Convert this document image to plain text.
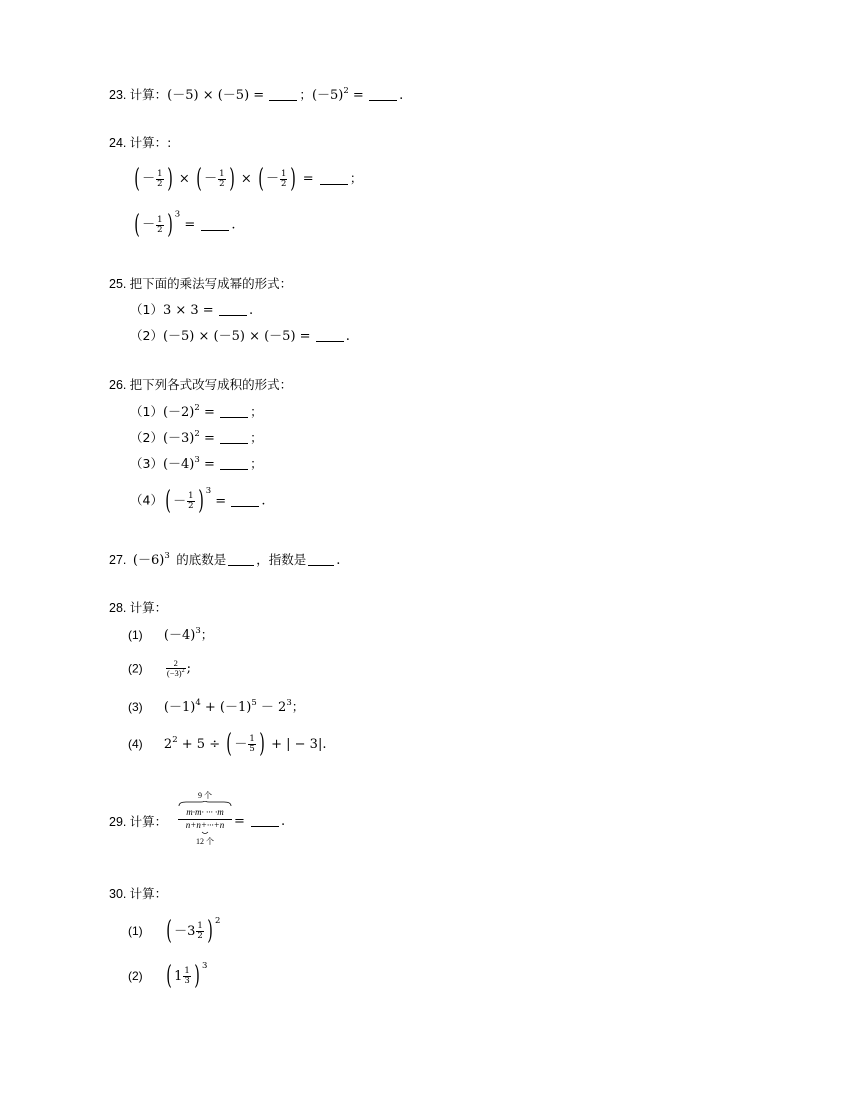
23. 计算：(－5) × (－5) =	；$(-5)^2$ =	.
24. 计算：:
( － $\frac{1}{2}$ ) × ( － $\frac{1}{2}$ ) × ( － $\frac{1}{2}$ ) =	；
( － $\frac{1}{2}$ ) $^3$ =	.
25. 把下面的乘法写成幂的形式：
（1）3 × 3 =	.
（2）(－5) × (－5) × (－5) =	.
26. 把下列各式改写成积的形式：
$(1)(-2)^2$ =	；
$(2)(-3)^2$ =	；
$(3)(-4)^3$ =	；
$(4)( - \frac{1}{2}$ ) $^3$ =	.
27. $(-6)^3$ 的底数是 ，指数是 .
28. 计算：
(1) $(-4)^3$；
(2)	$\frac{2}{(-3)^2}$ ;
(3) $(-1)^4 + (-1)^5 - 2^3$；
(4) $2^2 + 5$ ÷ ( － $\frac{1}{5}$ ) + | − 3|.
29. 计算：
9 个
m·m· ··· ·m
n+n+···+n
12 个
=	.
30. 计算：
(1) ( $-3 \frac{1}{2}$ ) $^2$
(2) ( $1 \frac{1}{3}$ ) $^3$
